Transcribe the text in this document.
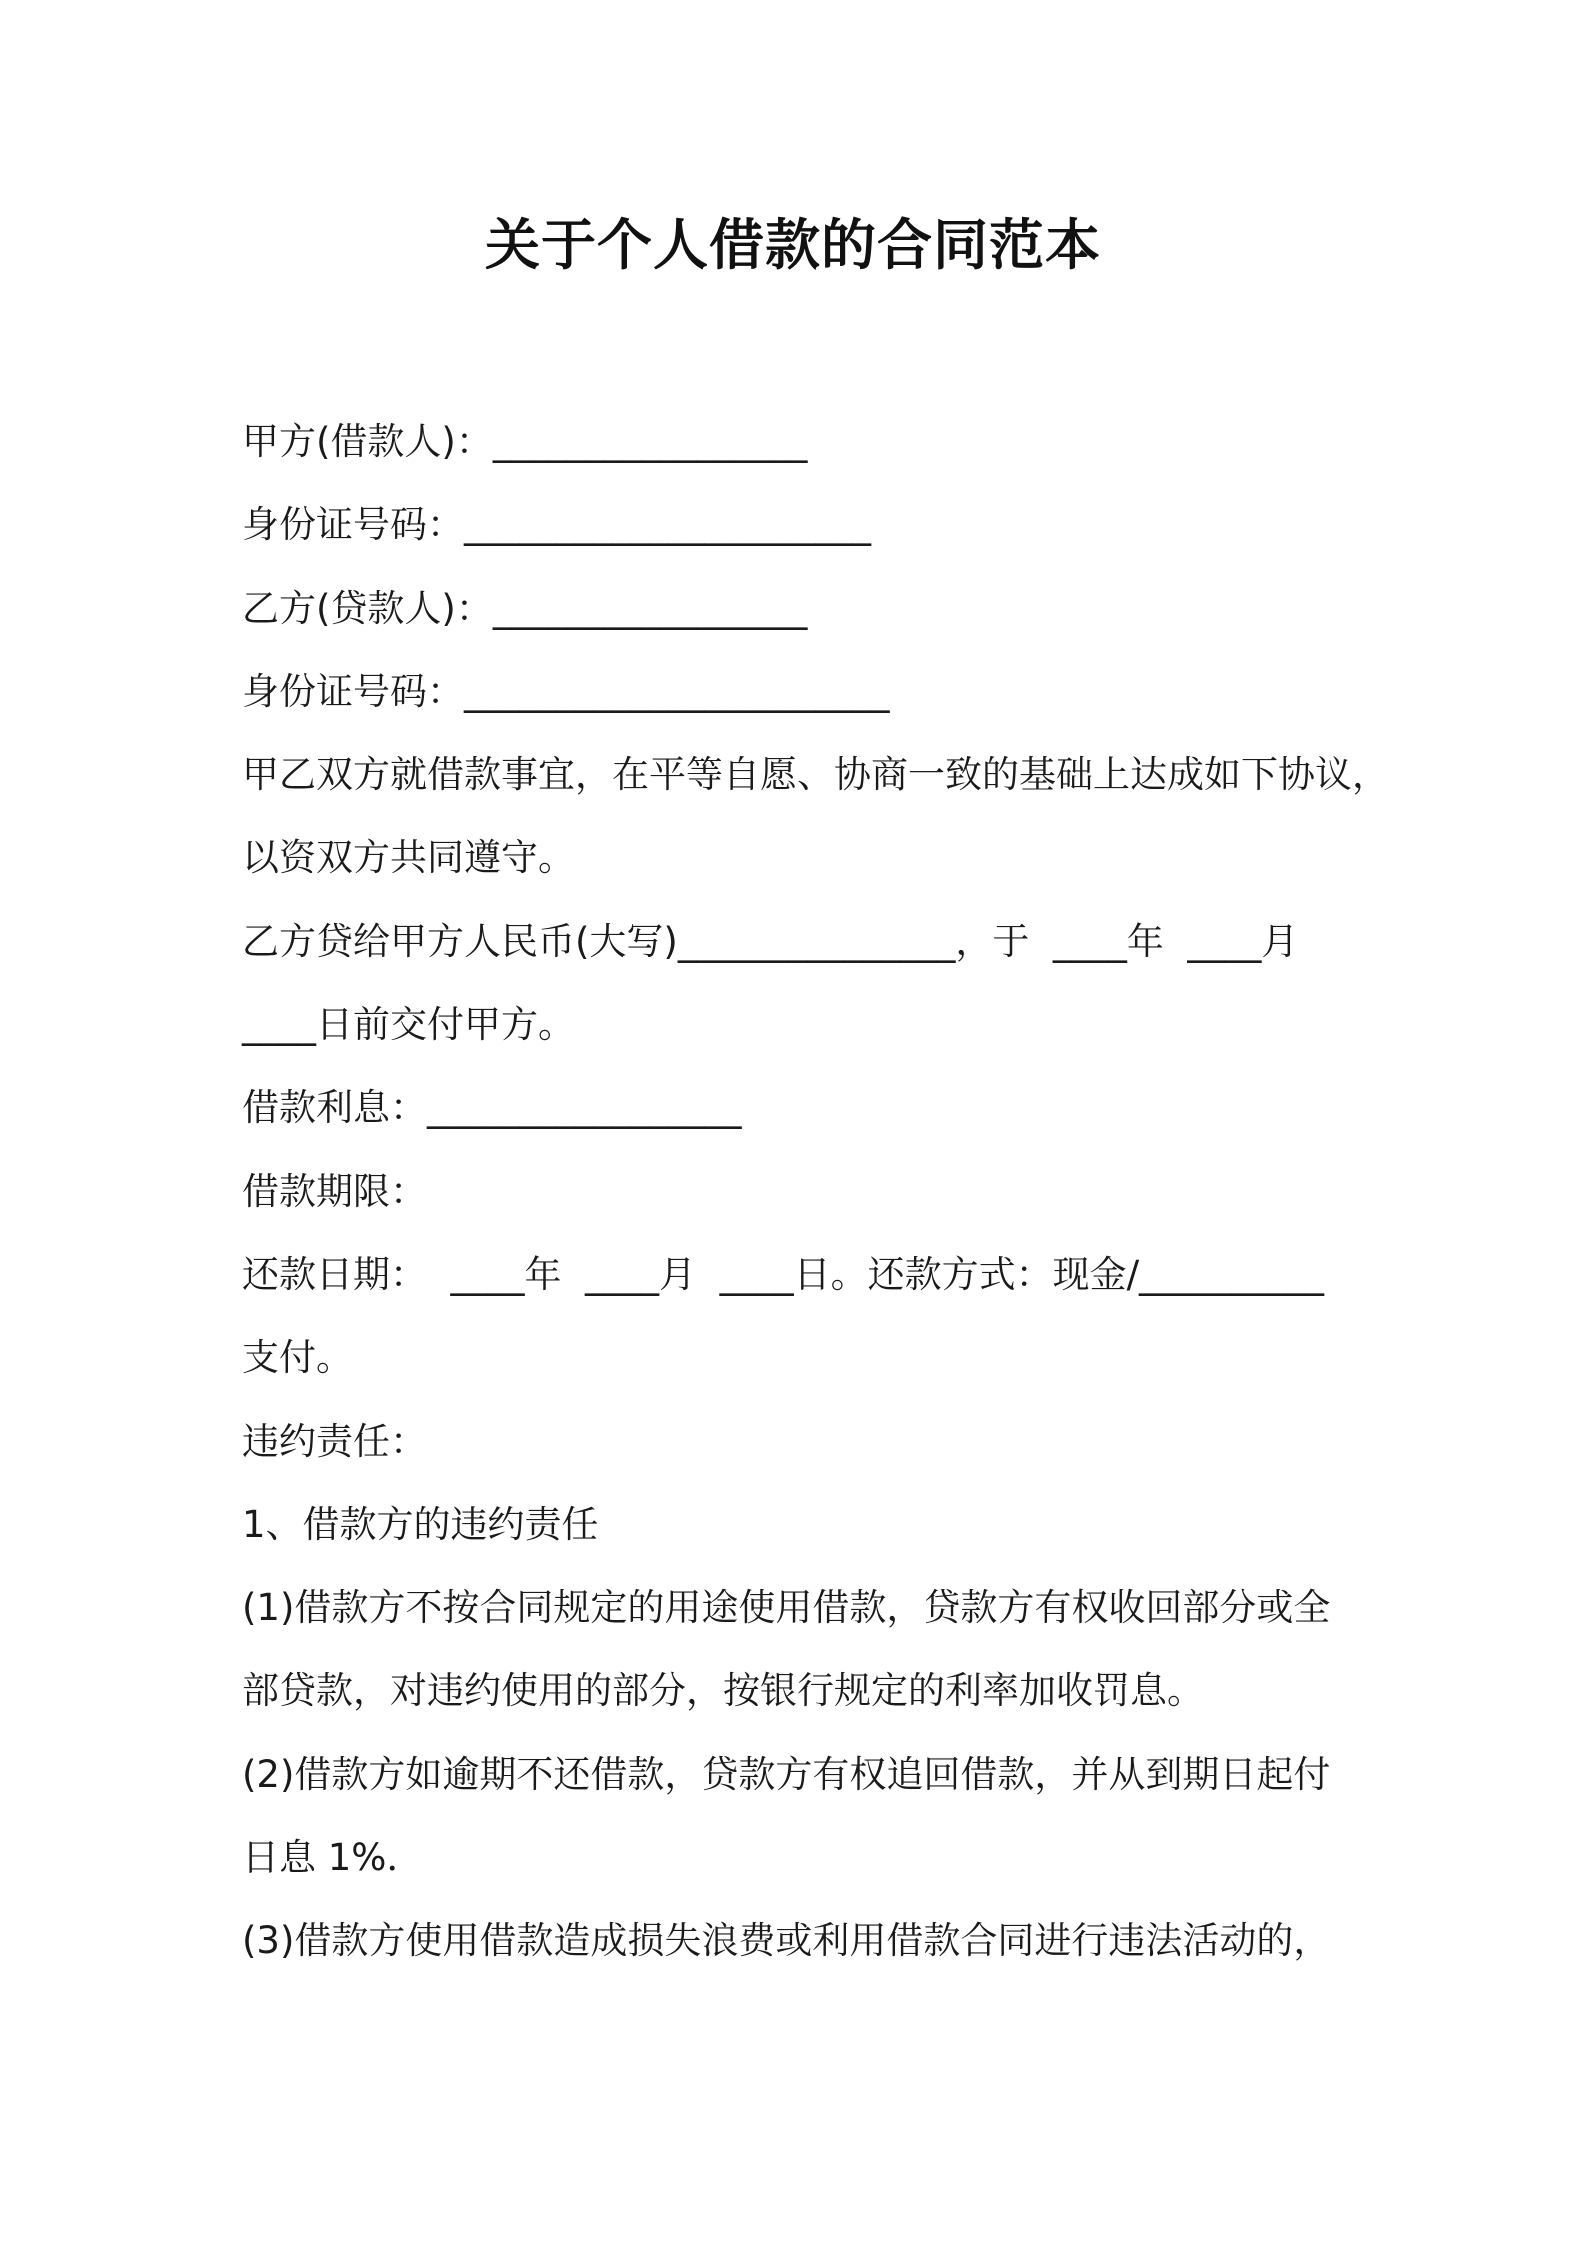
关于个人借款的合同范本
甲方(借款人)：_________________
身份证号码：______________________
乙方(贷款人)：_________________
身份证号码：_______________________
甲乙双方就借款事宜，在平等自愿、协商一致的基础上达成如下协议，
以资双方共同遵守。
乙方贷给甲方人民币(大写)_______________，于  ____年  ____月
____日前交付甲方。
借款利息：_________________
借款期限：
还款日期：  ____年  ____月  ____日。还款方式：现金/__________
支付。
违约责任：
1、借款方的违约责任
(1)借款方不按合同规定的用途使用借款，贷款方有权收回部分或全
部贷款，对违约使用的部分，按银行规定的利率加收罚息。
(2)借款方如逾期不还借款，贷款方有权追回借款，并从到期日起付
日息 1%．
(3)借款方使用借款造成损失浪费或利用借款合同进行违法活动的，
